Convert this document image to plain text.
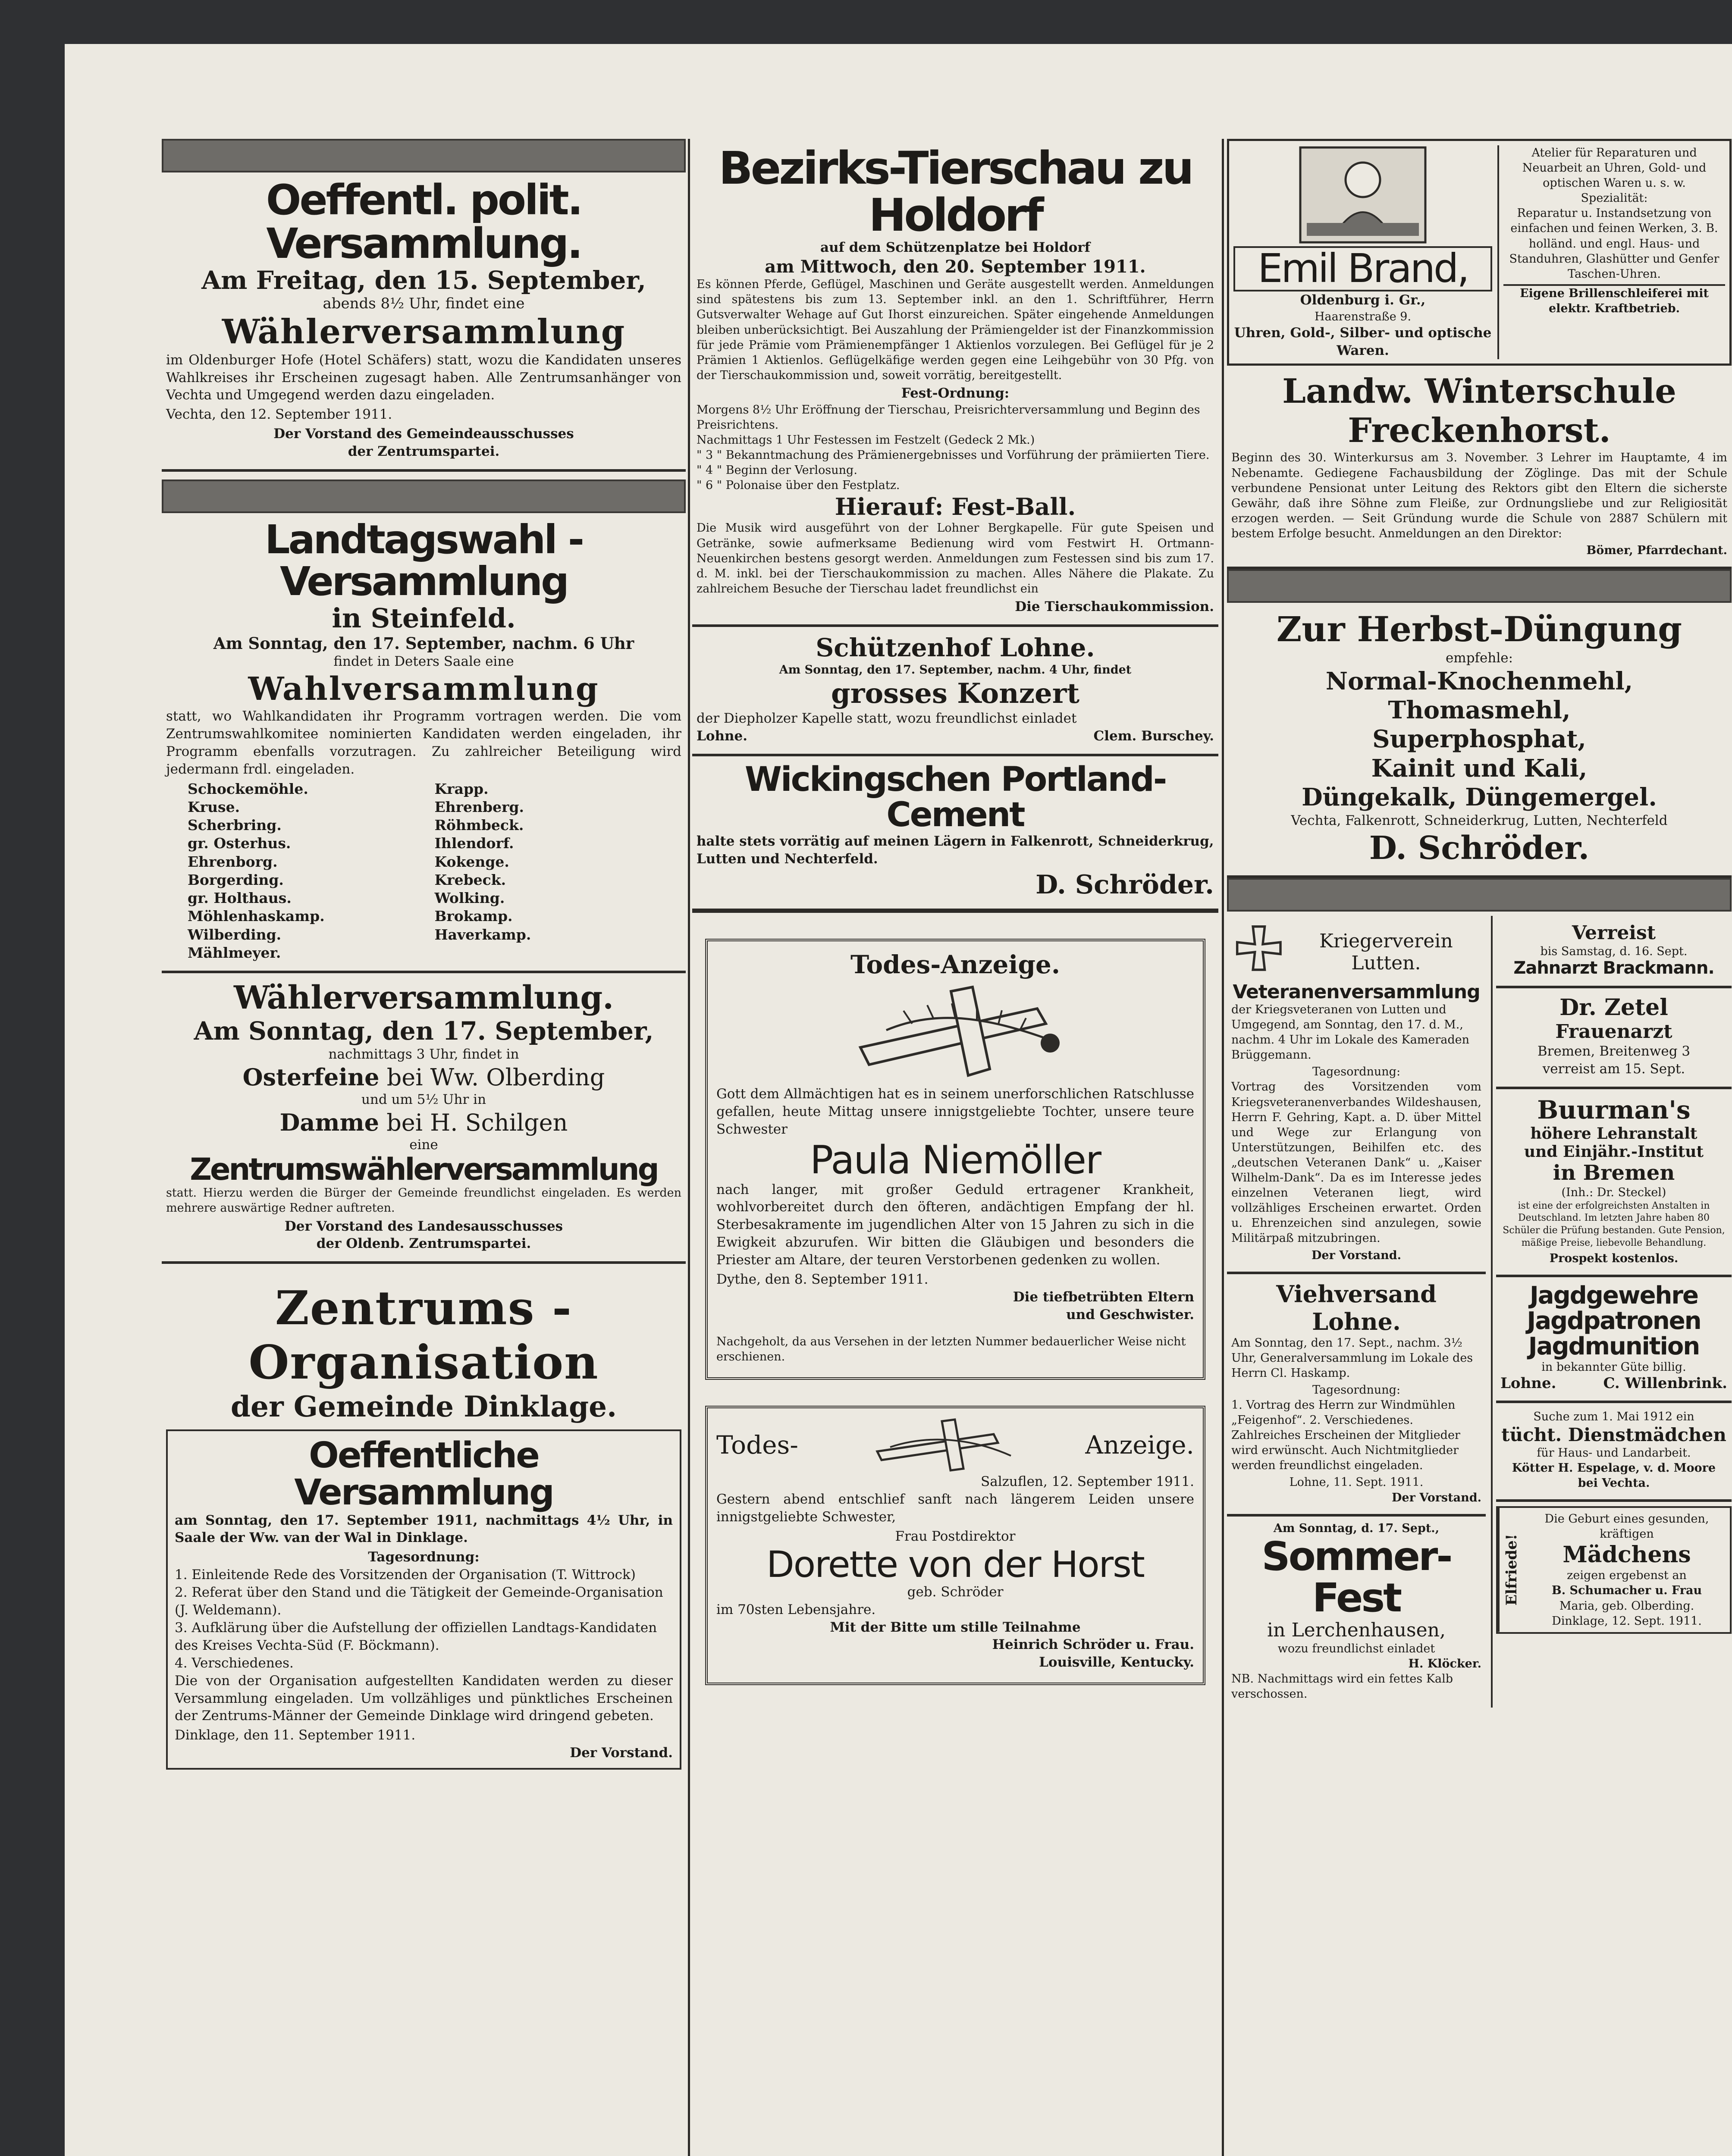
Oeffentl. polit. Versammlung.
Am Freitag, den 15. September,
abends 8½ Uhr, findet eine
Wählerversammlung

im Oldenburger Hofe (Hotel Schäfers) statt, wozu die Kandidaten unseres Wahlkreises ihr Erscheinen zugesagt haben. Alle Zentrumsanhänger von Vechta und Umgegend werden dazu eingeladen.

Vechta, den 12. September 1911.

Der Vorstand des Gemeindeausschusses
der Zentrumspartei.
Landtagswahl - Versammlung
in Steinfeld.
Am Sonntag, den 17. September, nachm. 6 Uhr
findet in Deters Saale eine
Wahlversammlung

statt, wo Wahlkandidaten ihr Programm vortragen werden. Die vom Zentrumswahlkomitee nominierten Kandidaten werden eingeladen, ihr Programm ebenfalls vorzutragen. Zu zahlreicher Beteiligung wird jedermann frdl. eingeladen.

Schockemöhle.	Krapp.
Kruse.	Ehrenberg.
Scherbring.	Röhmbeck.
gr. Osterhus.	Ihlendorf.
Ehrenborg.	Kokenge.
Borgerding.	Krebeck.
gr. Holthaus.	Wolking.
Möhlenhaskamp.	Brokamp.
Wilberding.	Haverkamp.
Mählmeyer.
Wählerversammlung.
Am Sonntag, den 17. September,
nachmittags 3 Uhr, findet in
Osterfeine bei Ww. Olberding
und um 5½ Uhr in
Damme bei H. Schilgen
eine
Zentrumswählerversammlung

statt. Hierzu werden die Bürger der Gemeinde freundlichst eingeladen. Es werden mehrere auswärtige Redner auftreten.

Der Vorstand des Landesausschusses
der Oldenb. Zentrumspartei.
Zentrums - Organisation
der Gemeinde Dinklage.
Oeffentliche Versammlung

am Sonntag, den 17. September 1911, nachmittags 4½ Uhr, in Saale der Ww. van der Wal in Dinklage.

Tagesordnung:
1. Einleitende Rede des Vorsitzenden der Organisation (T. Wittrock)
2. Referat über den Stand und die Tätigkeit der Gemeinde-Organisation (J. Weldemann).
3. Aufklärung über die Aufstellung der offiziellen Landtags-Kandidaten des Kreises Vechta-Süd (F. Böckmann).
4. Verschiedenes.

Die von der Organisation aufgestellten Kandidaten werden zu dieser Versammlung eingeladen. Um vollzähliges und pünktliches Erscheinen der Zentrums-Männer der Gemeinde Dinklage wird dringend gebeten.

Dinklage, den 11. September 1911.
Der Vorstand.
Bezirks-Tierschau zu Holdorf
auf dem Schützenplatze bei Holdorf
am Mittwoch, den 20. September 1911.

Es können Pferde, Geflügel, Maschinen und Geräte ausgestellt werden. Anmeldungen sind spätestens bis zum 13. September inkl. an den 1. Schriftführer, Herrn Gutsverwalter Wehage auf Gut Ihorst einzureichen. Später eingehende Anmeldungen bleiben unberücksichtigt. Bei Auszahlung der Prämiengelder ist der Finanzkommission für jede Prämie vom Prämienempfänger 1 Aktienlos vorzulegen. Bei Geflügel für je 2 Prämien 1 Aktienlos. Geflügelkäfige werden gegen eine Leihgebühr von 30 Pfg. von der Tierschaukommission und, soweit vorrätig, bereitgestellt.

Fest-Ordnung:
Morgens 8½ Uhr Eröffnung der Tierschau, Preisrichterversammlung und Beginn des Preisrichtens.
Nachmittags 1 Uhr Festessen im Festzelt (Gedeck 2 Mk.)
" 3 " Bekanntmachung des Prämienergebnisses und Vorführung der prämiierten Tiere.
" 4 " Beginn der Verlosung.
" 6 " Polonaise über den Festplatz.
Hierauf: Fest-Ball.

Die Musik wird ausgeführt von der Lohner Bergkapelle. Für gute Speisen und Getränke, sowie aufmerksame Bedienung wird vom Festwirt H. Ortmann-Neuenkirchen bestens gesorgt werden. Anmeldungen zum Festessen sind bis zum 17. d. M. inkl. bei der Tierschaukommission zu machen. Alles Nähere die Plakate. Zu zahlreichem Besuche der Tierschau ladet freundlichst ein

Die Tierschaukommission.
Schützenhof Lohne.
Am Sonntag, den 17. September, nachm. 4 Uhr, findet
grosses Konzert
der Diepholzer Kapelle statt, wozu freundlichst einladet
Lohne.	Clem. Burschey.
Wickingschen Portland-Cement

halte stets vorrätig auf meinen Lägern in Falkenrott, Schneiderkrug, Lutten und Nechterfeld.

D. Schröder.
Todes-Anzeige.

Gott dem Allmächtigen hat es in seinem unerforschlichen Ratschlusse gefallen, heute Mittag unsere innigstgeliebte Tochter, unsere teure Schwester

Paula Niemöller

nach langer, mit großer Geduld ertragener Krankheit, wohlvorbereitet durch den öfteren, andächtigen Empfang der hl. Sterbesakramente im jugendlichen Alter von 15 Jahren zu sich in die Ewigkeit abzurufen. Wir bitten die Gläubigen und besonders die Priester am Altare, der teuren Verstorbenen gedenken zu wollen.

Dythe, den 8. September 1911.
Die tiefbetrübten Eltern
und Geschwister.

Nachgeholt, da aus Versehen in der letzten Nummer bedauerlicher Weise nicht erschienen.

Todes-	Anzeige.
Salzuflen, 12. September 1911.

Gestern abend entschlief sanft nach längerem Leiden unsere innigstgeliebte Schwester,

Frau Postdirektor
Dorette von der Horst
geb. Schröder
im 70sten Lebensjahre.
Mit der Bitte um stille Teilnahme
Heinrich Schröder u. Frau.
Louisville, Kentucky.
Emil Brand,
Oldenburg i. Gr.,
Haarenstraße 9.
Uhren, Gold-, Silber- und optische Waren.
Atelier für Reparaturen und Neuarbeit an Uhren, Gold- und optischen Waren u. s. w.
Spezialität:
Reparatur u. Instandsetzung von einfachen und feinen Werken, 3. B. holländ. und engl. Haus- und Standuhren, Glashütter und Genfer Taschen-Uhren.
Eigene Brillenschleiferei mit elektr. Kraftbetrieb.
Landw. Winterschule
Freckenhorst.

Beginn des 30. Winterkursus am 3. November. 3 Lehrer im Hauptamte, 4 im Nebenamte. Gediegene Fachausbildung der Zöglinge. Das mit der Schule verbundene Pensionat unter Leitung des Rektors gibt den Eltern die sicherste Gewähr, daß ihre Söhne zum Fleiße, zur Ordnungsliebe und zur Religiosität erzogen werden. — Seit Gründung wurde die Schule von 2887 Schülern mit bestem Erfolge besucht. Anmeldungen an den Direktor:

Bömer, Pfarrdechant.
Zur Herbst-Düngung
empfehle:
Normal-Knochenmehl,
Thomasmehl,
Superphosphat,
Kainit und Kali,
Düngekalk, Düngemergel.
Vechta, Falkenrott, Schneiderkrug, Lutten, Nechterfeld
D. Schröder.
Kriegerverein Lutten.
Veteranenversammlung

der Kriegsveteranen von Lutten und Umgegend, am Sonntag, den 17. d. M., nachm. 4 Uhr im Lokale des Kameraden Brüggemann.

Tagesordnung:

Vortrag des Vorsitzenden vom Kriegsveteranenverbandes Wildeshausen, Herrn F. Gehring, Kapt. a. D. über Mittel und Wege zur Erlangung von Unterstützungen, Beihilfen etc. des „deutschen Veteranen Dank“ u. „Kaiser Wilhelm-Dank“. Da es im Interesse jedes einzelnen Veteranen liegt, wird vollzähliges Erscheinen erwartet. Orden u. Ehrenzeichen sind anzulegen, sowie Militärpaß mitzubringen.

Der Vorstand.
Viehversand Lohne.

Am Sonntag, den 17. Sept., nachm. 3½ Uhr, Generalversammlung im Lokale des Herrn Cl. Haskamp.

Tagesordnung:

1. Vortrag des Herrn zur Windmühlen „Feigenhof“. 2. Verschiedenes. Zahlreiches Erscheinen der Mitglieder wird erwünscht. Auch Nichtmitglieder werden freundlichst eingeladen.

Lohne, 11. Sept. 1911.
Der Vorstand.
Am Sonntag, d. 17. Sept.,
Sommer-Fest
in Lerchenhausen,
wozu freundlichst einladet
H. Klöcker.

NB. Nachmittags wird ein fettes Kalb verschossen.

Verreist
bis Samstag, d. 16. Sept.
Zahnarzt Brackmann.
Dr. Zetel
Frauenarzt
Bremen, Breitenweg 3
verreist am 15. Sept.
Buurman's
höhere Lehranstalt
und Einjähr.-Institut
in Bremen
(Inh.: Dr. Steckel)

ist eine der erfolgreichsten Anstalten in Deutschland. Im letzten Jahre haben 80 Schüler die Prüfung bestanden. Gute Pension, mäßige Preise, liebevolle Behandlung.

Prospekt kostenlos.
Jagdgewehre
Jagdpatronen
Jagdmunition
in bekannter Güte billig.
Lohne.	C. Willenbrink.
Suche zum 1. Mai 1912 ein
tücht. Dienstmädchen
für Haus- und Landarbeit.
Kötter H. Espelage, v. d. Moore bei Vechta.
Elfriede!
Die Geburt eines gesunden, kräftigen
Mädchens
zeigen ergebenst an
B. Schumacher u. Frau
Maria, geb. Olberding.
Dinklage, 12. Sept. 1911.
